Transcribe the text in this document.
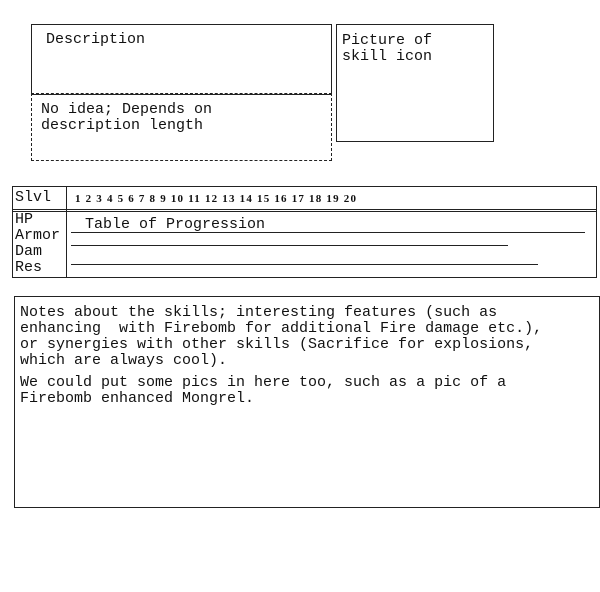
Description
No idea; Depends on
description length
Picture of
skill icon
Slvl 1 2 3 4 5 6 7 8 9 10 11 12 13 14 15 16 17 18 19 20
HP
Armor
Dam
Res
Table of Progression
Notes about the skills; interesting features (such as
enhancing  with Firebomb for additional Fire damage etc.),
or synergies with other skills (Sacrifice for explosions,
which are always cool).
We could put some pics in here too, such as a pic of a
Firebomb enhanced Mongrel.
